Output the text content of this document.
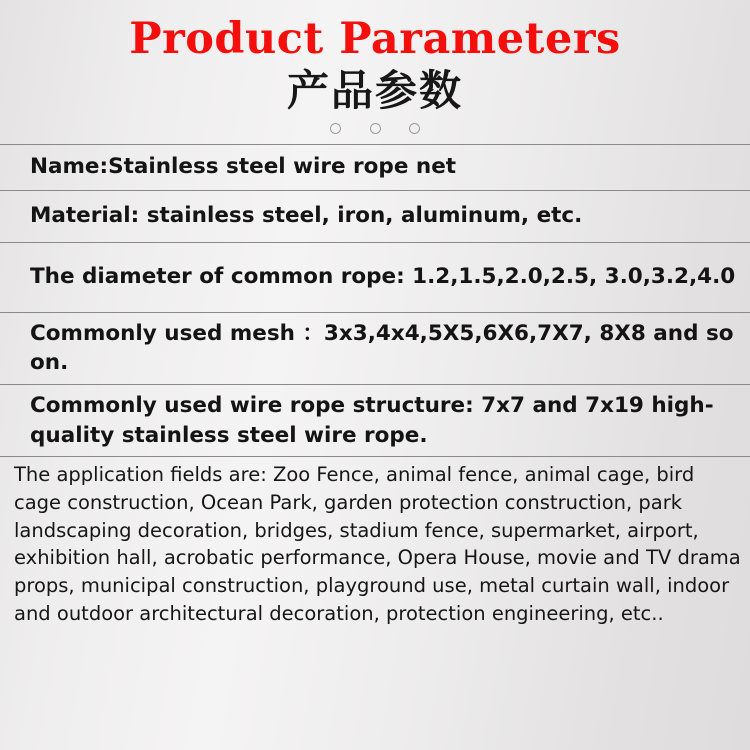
Product Parameters
产品参数
Name:Stainless steel wire rope net
Material: stainless steel, iron, aluminum, etc.
The diameter of common rope: 1.2,1.5,2.0,2.5, 3.0,3.2,4.0
Commonly used mesh ：3x3,4x4,5X5,6X6,7X7, 8X8 and so on.
Commonly used wire rope structure: 7x7 and 7x19 high-quality stainless steel wire rope.
The application fields are: Zoo Fence, animal fence, animal cage, bird cage construction, Ocean Park, garden protection construction, park landscaping decoration, bridges, stadium fence, supermarket, airport, exhibition hall, acrobatic performance, Opera House, movie and TV drama props, municipal construction, playground use, metal curtain wall, indoor and outdoor architectural decoration, protection engineering, etc..
